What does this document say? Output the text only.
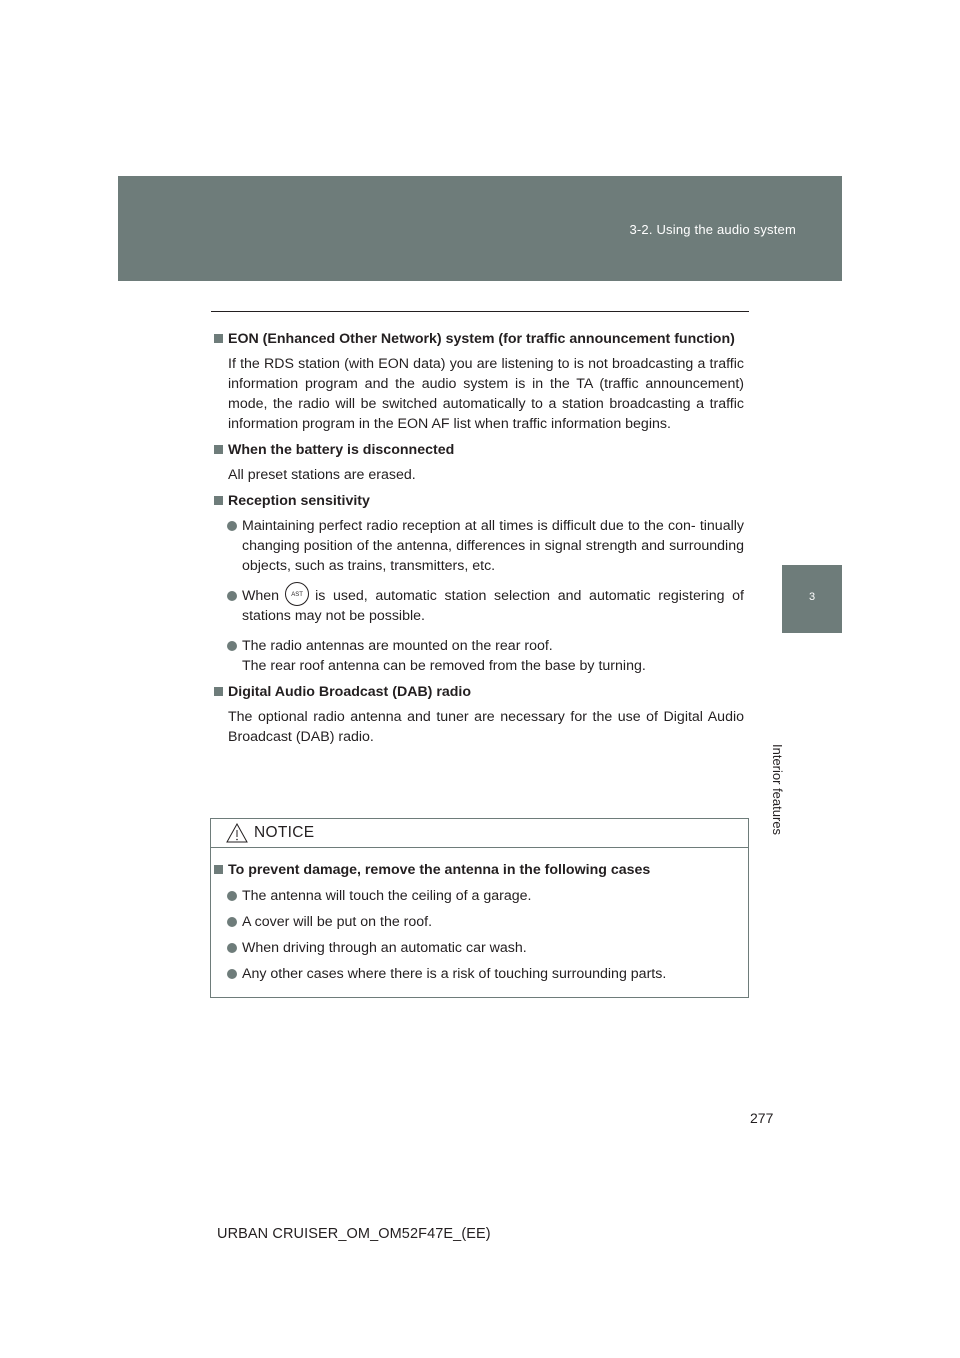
3-2. Using the audio system
3
Interior features
EON (Enhanced Other Network) system (for traffic announcement function)
If the RDS station (with EON data) you are listening to is not broadcasting a traffic information program and the audio system is in the TA (traffic announcement) mode, the radio will be switched automatically to a station broadcasting a traffic information program in the EON AF list when traffic information begins.
When the battery is disconnected
All preset stations are erased.
Reception sensitivity
Maintaining perfect radio reception at all times is difficult due to the con- tinually changing position of the antenna, differences in signal strength and surrounding objects, such as trains, transmitters, etc.
When AST is used, automatic station selection and automatic registering of stations may not be possible.
The radio antennas are mounted on the rear roof.
The rear roof antenna can be removed from the base by turning.
Digital Audio Broadcast (DAB) radio
The optional radio antenna and tuner are necessary for the use of Digital Audio Broadcast (DAB) radio.
NOTICE
To prevent damage, remove the antenna in the following cases
The antenna will touch the ceiling of a garage.
A cover will be put on the roof.
When driving through an automatic car wash.
Any other cases where there is a risk of touching surrounding parts.
277
URBAN CRUISER_OM_OM52F47E_(EE)
